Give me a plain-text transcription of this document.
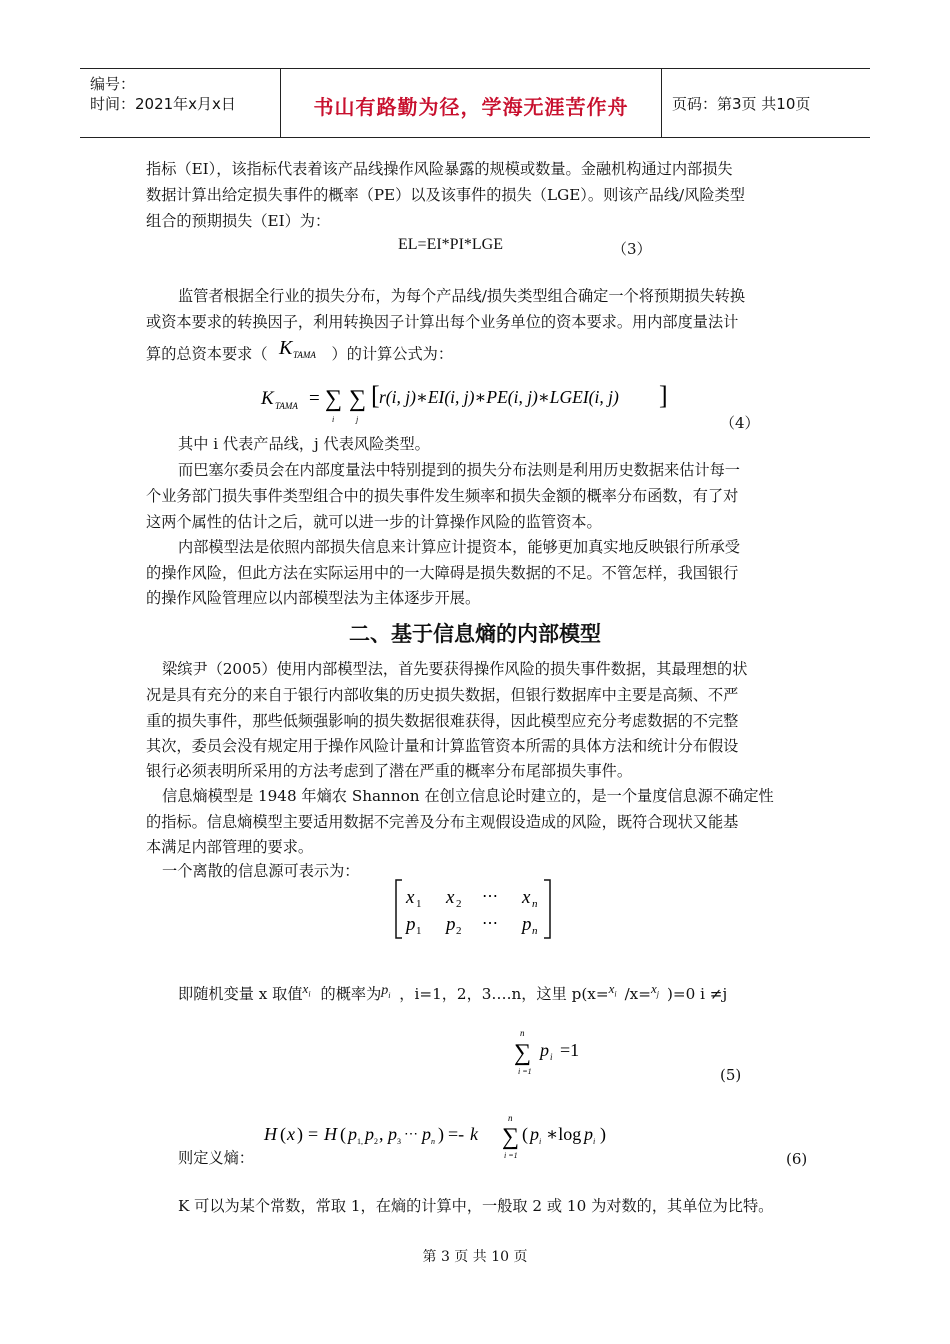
编号：
时间：2021年x月x日	书山有路勤为径，学海无涯苦作舟	页码：第3页 共10页
指标（EI），该指标代表着该产品线操作风险暴露的规模或数量。金融机构通过内部损失
数据计算出给定损失事件的概率（PE）以及该事件的损失（LGE）。则该产品线/风险类型
组合的预期损失（EI）为：
EL=EI*PI*LGE	（3）
监管者根据全行业的损失分布，为每个产品线/损失类型组合确定一个将预期损失转换
或资本要求的转换因子，利用转换因子计算出每个业务单位的资本要求。用内部度量法计
算的总资本要求（	）的计算公式为：
K TAMA
K TAMA = ∑
i
∑
j
[ r(i, j)∗EI(i, j)∗PE(i, j)∗LGEI(i, j) ]
（4）
其中 i 代表产品线，j 代表风险类型。
而巴塞尔委员会在内部度量法中特别提到的损失分布法则是利用历史数据来估计每一
个业务部门损失事件类型组合中的损失事件发生频率和损失金额的概率分布函数，有了对
这两个属性的估计之后，就可以进一步的计算操作风险的监管资本。
内部模型法是依照内部损失信息来计算应计提资本，能够更加真实地反映银行所承受
的操作风险，但此方法在实际运用中的一大障碍是损失数据的不足。不管怎样，我国银行
的操作风险管理应以内部模型法为主体逐步开展。
二、基于信息熵的内部模型
梁缤尹（2005）使用内部模型法，首先要获得操作风险的损失事件数据，其最理想的状
况是具有充分的来自于银行内部收集的历史损失数据，但银行数据库中主要是高频、不严
重的损失事件，那些低频强影响的损失数据很难获得，因此模型应充分考虑数据的不完整
其次，委员会没有规定用于操作风险计量和计算监管资本所需的具体方法和统计分布假设
银行必须表明所采用的方法考虑到了潜在严重的概率分布尾部损失事件。
信息熵模型是 1948 年熵农 Shannon 在创立信息论时建立的，是一个量度信息源不确定性
的指标。信息熵模型主要适用数据不完善及分布主观假设造成的风险，既符合现状又能基
本满足内部管理的要求。
一个离散的信息源可表示为：
x 1 x 2 ⋯ x n
p 1 p 2 ⋯ p n
即随机变量 x 取值$x_i$ 的概率为$p_i$ ，i=1，2，3….n，这里 $p(x=x_i$ $/x=x_j$ )=0 i ≠j
n
∑
i =1
p i =1
(5)
H ( x ) = H ( p 1, p 2 , p 3 ⋯ p n ) =- k
n
∑
i =1
( p i ∗log p i )
则定义熵：	(6)
K 可以为某个常数，常取 1，在熵的计算中，一般取 2 或 10 为对数的，其单位为比特。
第 3 页 共 10 页
